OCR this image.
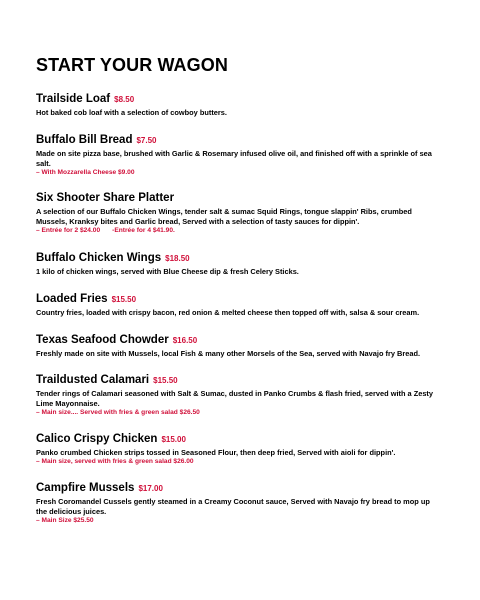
START YOUR WAGON
Trailside Loaf $8.50
Hot baked cob loaf with a selection of cowboy butters.
Buffalo Bill Bread $7.50
Made on site pizza base, brushed with Garlic & Rosemary infused olive oil, and finished off with a sprinkle of sea salt.
– With Mozzarella Cheese $9.00
Six Shooter Share Platter
A selection of our Buffalo Chicken Wings, tender salt & sumac Squid Rings, tongue slappin' Ribs, crumbed Mussels, Kranksy bites and Garlic bread, Served with a selection of tasty sauces for dippin'.
– Entrée for 2 $24.00 -Entrée for 4 $41.90.
Buffalo Chicken Wings $18.50
1 kilo of chicken wings, served with Blue Cheese dip & fresh Celery Sticks.
Loaded Fries $15.50
Country fries, loaded with crispy bacon, red onion & melted cheese then topped off with, salsa & sour cream.
Texas Seafood Chowder $16.50
Freshly made on site with Mussels, local Fish & many other Morsels of the Sea, served with Navajo fry Bread.
Traildusted Calamari $15.50
Tender rings of Calamari seasoned with Salt & Sumac, dusted in Panko Crumbs & flash fried, served with a Zesty Lime Mayonnaise.
– Main size.... Served with fries & green salad $26.50
Calico Crispy Chicken $15.00
Panko crumbed Chicken strips tossed in Seasoned Flour, then deep fried, Served with aioli for dippin'.
– Main size, served with fries & green salad $26.00
Campfire Mussels $17.00
Fresh Coromandel Cussels gently steamed in a Creamy Coconut sauce, Served with Navajo fry bread to mop up the delicious juices.
– Main Size $25.50
